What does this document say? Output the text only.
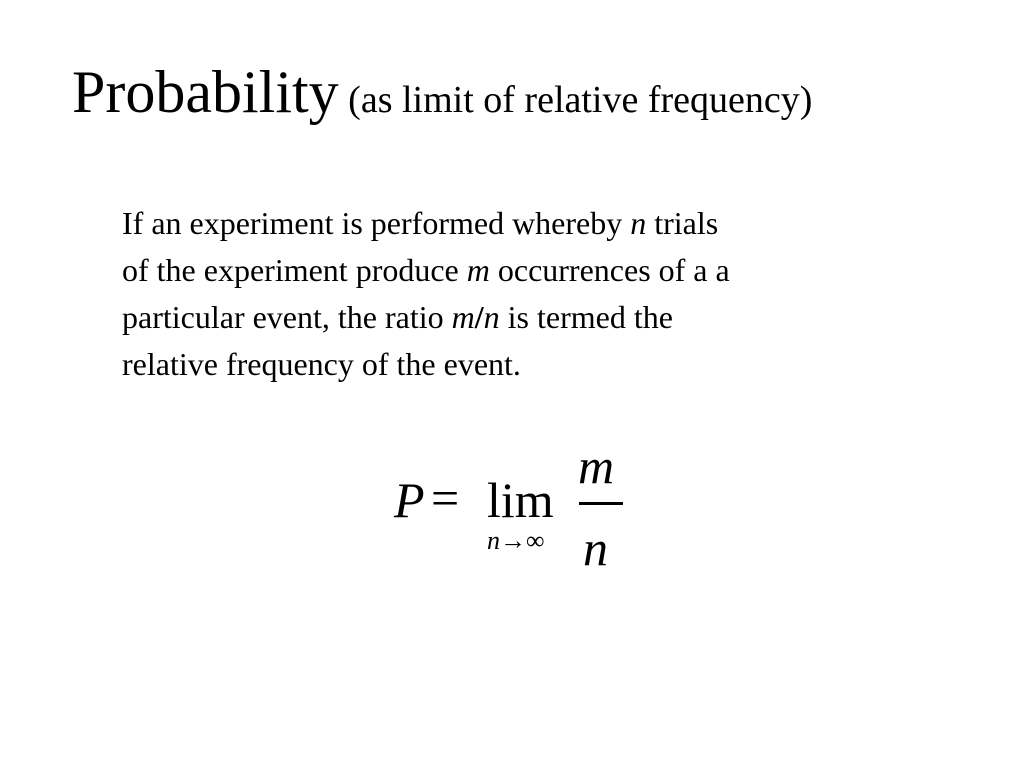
Probability (as limit of relative frequency)
If an experiment is performed whereby n trials
of the experiment produce m occurrences of a a
particular event, the ratio m/n is termed the
relative frequency of the event.
P = lim
n→∞
m
n
